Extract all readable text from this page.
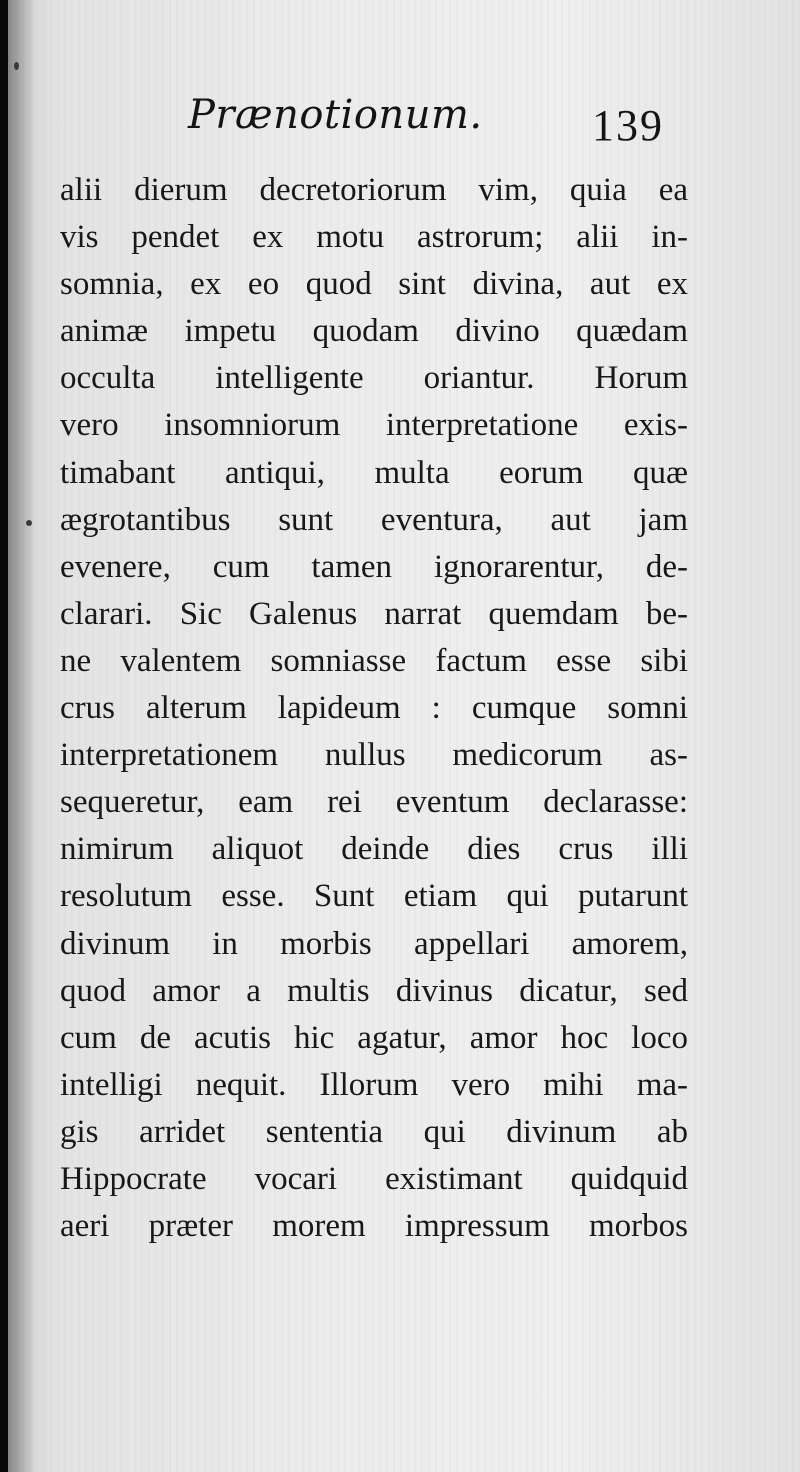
Prænotionum. 139
alii dierum decretoriorum vim, quia ea
vis pendet ex motu astrorum; alii in-
somnia, ex eo quod sint divina, aut ex
animæ impetu quodam divino quædam
occulta intelligente oriantur. Horum
vero insomniorum interpretatione exis-
timabant antiqui, multa eorum quæ
ægrotantibus sunt eventura, aut jam
evenere, cum tamen ignorarentur, de-
clarari. Sic Galenus narrat quemdam be-
ne valentem somniasse factum esse sibi
crus alterum lapideum : cumque somni
interpretationem nullus medicorum as-
sequeretur, eam rei eventum declarasse:
nimirum aliquot deinde dies crus illi
resolutum esse. Sunt etiam qui putarunt
divinum in morbis appellari amorem,
quod amor a multis divinus dicatur, sed
cum de acutis hic agatur, amor hoc loco
intelligi nequit. Illorum vero mihi ma-
gis arridet sententia qui divinum ab
Hippocrate vocari existimant quidquid
aeri præter morem impressum morbos
